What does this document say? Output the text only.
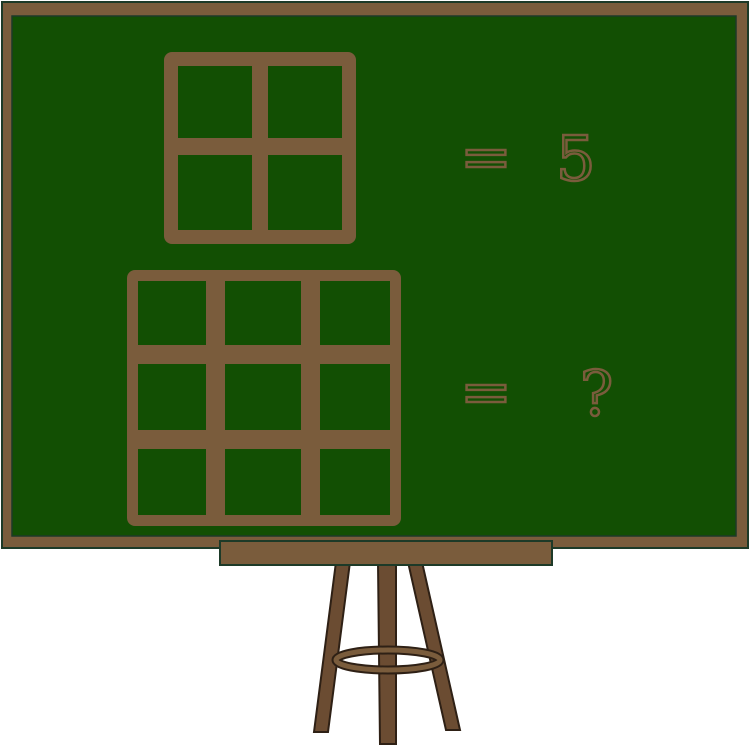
= 5
= ?
